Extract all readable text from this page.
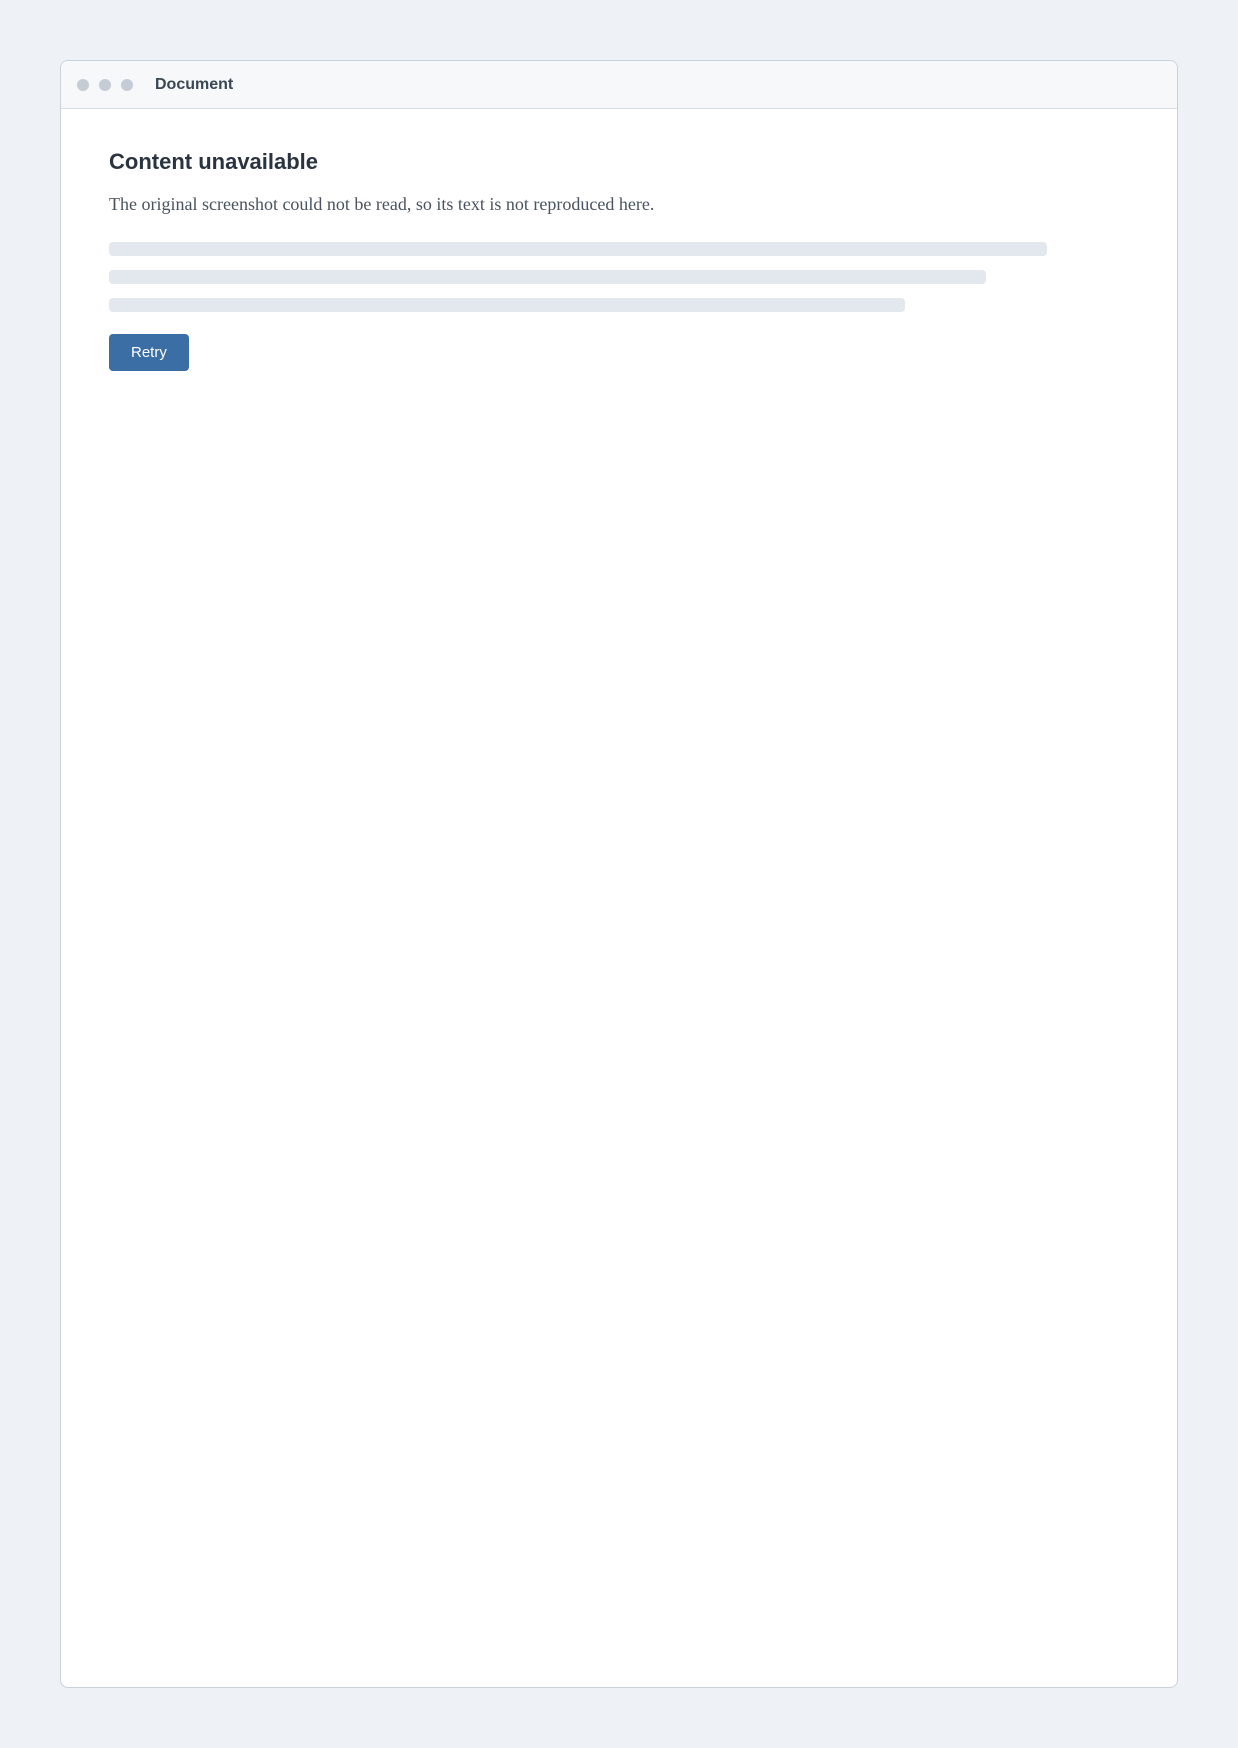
Document
Content unavailable

The original screenshot could not be read, so its text is not reproduced here.

Retry
